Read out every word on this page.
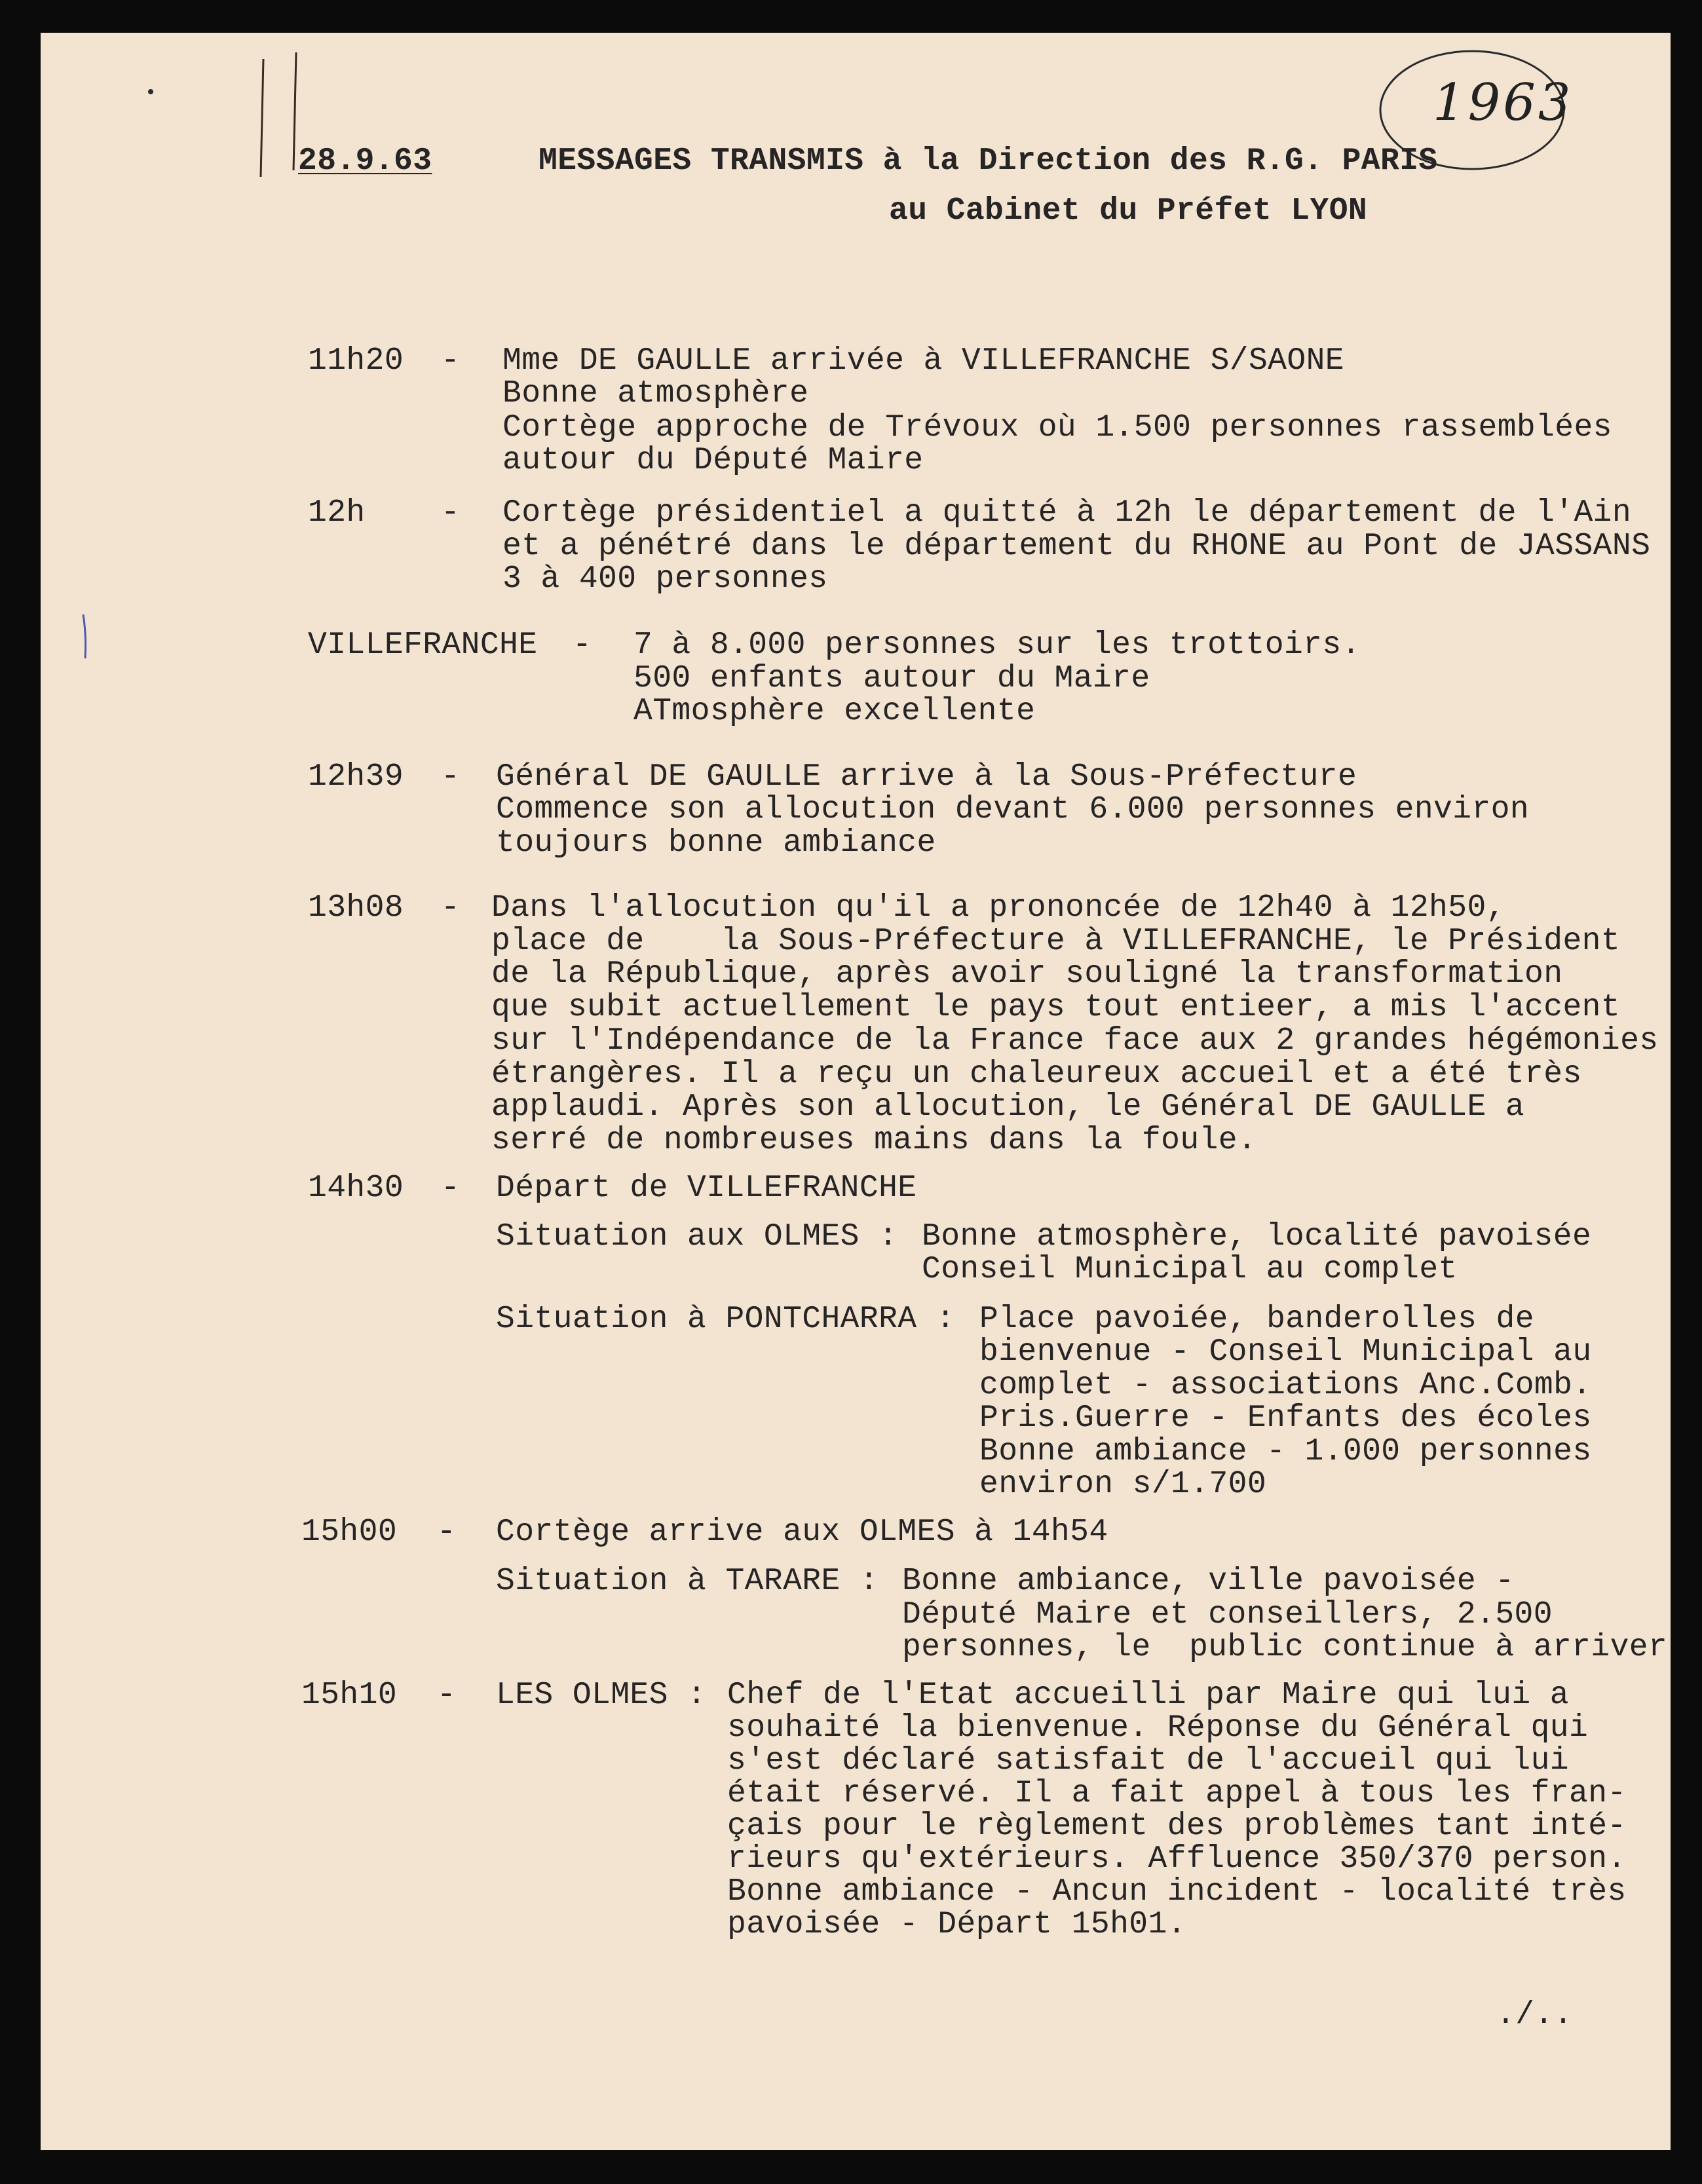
1963
28.9.63	MESSAGES TRANSMIS à la Direction des R.G. PARIS
au Cabinet du Préfet LYON
11h20 - Mme DE GAULLE arrivée à VILLEFRANCHE S/SAONE
Bonne atmosphère
Cortège approche de Trévoux où 1.500 personnes rassemblées
autour du Député Maire
12h - Cortège présidentiel a quitté à 12h le département de l'Ain
et a pénétré dans le département du RHONE au Pont de JASSANS
3 à 400 personnes
VILLEFRANCHE - 7 à 8.000 personnes sur les trottoirs.
500 enfants autour du Maire
ATmosphère excellente
12h39 - Général DE GAULLE arrive à la Sous-Préfecture
Commence son allocution devant 6.000 personnes environ
toujours bonne ambiance
13h08 - Dans l'allocution qu'il a prononcée de 12h40 à 12h50,
place de    la Sous-Préfecture à VILLEFRANCHE, le Président
de la République, après avoir souligné la transformation
que subit actuellement le pays tout entieer, a mis l'accent
sur l'Indépendance de la France face aux 2 grandes hégémonies
étrangères. Il a reçu un chaleureux accueil et a été très
applaudi. Après son allocution, le Général DE GAULLE a
serré de nombreuses mains dans la foule.
14h30 - Départ de VILLEFRANCHE
Situation aux OLMES : Bonne atmosphère, localité pavoisée
Conseil Municipal au complet
Situation à PONTCHARRA : Place pavoiée, banderolles de
bienvenue - Conseil Municipal au
complet - associations Anc.Comb.
Pris.Guerre - Enfants des écoles
Bonne ambiance - 1.000 personnes
environ s/1.700
15h00 - Cortège arrive aux OLMES à 14h54
Situation à TARARE : Bonne ambiance, ville pavoisée -
Député Maire et conseillers, 2.500
personnes, le  public continue à arriver
15h10 - LES OLMES : Chef de l'Etat accueilli par Maire qui lui a
souhaité la bienvenue. Réponse du Général qui
s'est déclaré satisfait de l'accueil qui lui
était réservé. Il a fait appel à tous les fran-
çais pour le règlement des problèmes tant inté-
rieurs qu'extérieurs. Affluence 350/370 person.
Bonne ambiance - Ancun incident - localité très
pavoisée - Départ 15h01.
./..
